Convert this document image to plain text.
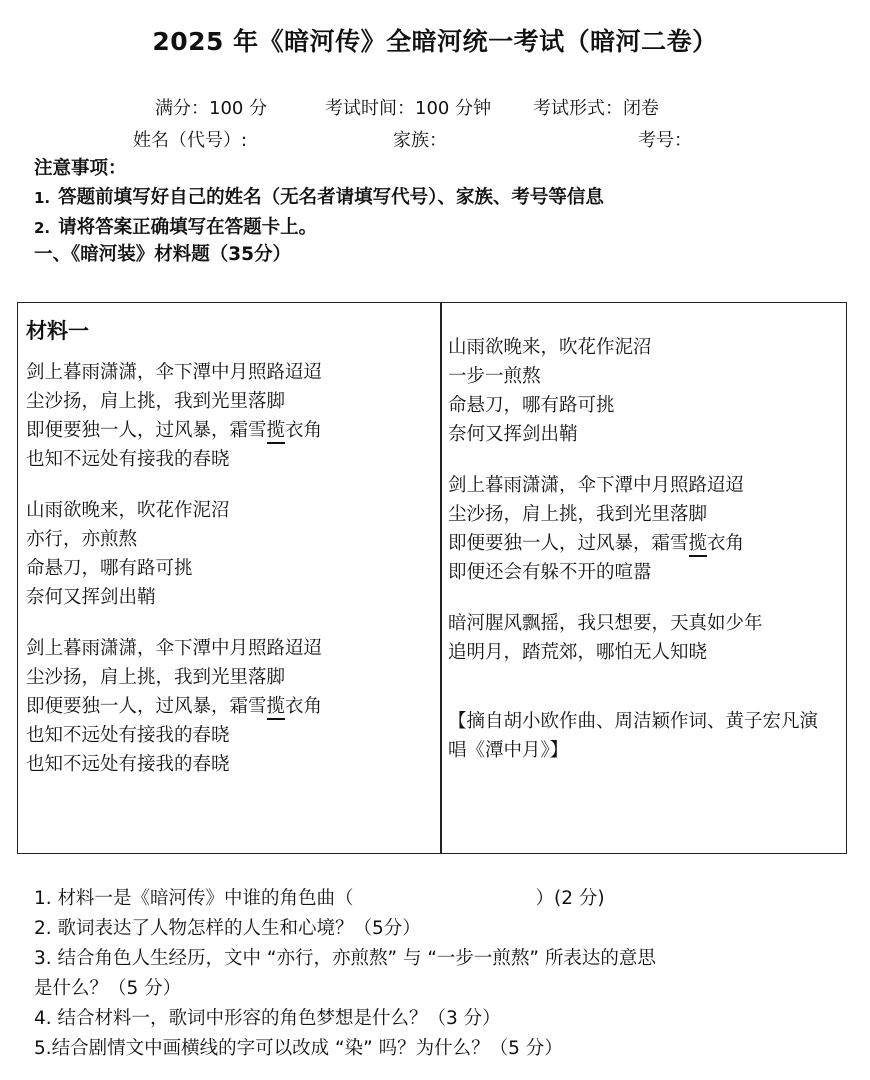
2025 年《暗河传》全暗河统一考试（暗河二卷）
满分：100 分	考试时间：100 分钟 考试形式：闭卷
姓名（代号）:	家族：	考号：
注意事项：
1. 答题前填写好自己的姓名（无名者请填写代号）、家族、考号等信息
2. 请将答案正确填写在答题卡上。
一、《暗河装》材料题（35分）
材料一
剑上暮雨潇潇，伞下潭中月照路迢迢
尘沙扬，肩上挑，我到光里落脚
即便要独一人，过风暴，霜雪揽衣角
也知不远处有接我的春晓
山雨欲晚来，吹花作泥沼
亦行，亦煎熬
命悬刀，哪有路可挑
奈何又挥剑出鞘
剑上暮雨潇潇，伞下潭中月照路迢迢
尘沙扬，肩上挑，我到光里落脚
即便要独一人，过风暴，霜雪揽衣角
也知不远处有接我的春晓
也知不远处有接我的春晓
山雨欲晚来，吹花作泥沼
一步一煎熬
命悬刀，哪有路可挑
奈何又挥剑出鞘
剑上暮雨潇潇，伞下潭中月照路迢迢
尘沙扬，肩上挑，我到光里落脚
即便要独一人，过风暴，霜雪揽衣角
即便还会有躲不开的喧嚣
暗河腥风飘摇，我只想要，天真如少年
追明月，踏荒郊，哪怕无人知晓
【摘自胡小欧作曲、周洁颖作词、黄子宏凡演唱《潭中月》】
1. 材料一是《暗河传》中谁的角色曲（	）(2 分)
2. 歌词表达了人物怎样的人生和心境？（5分）
3. 结合角色人生经历，文中 “亦行，亦煎熬” 与 “一步一煎熬” 所表达的意思
是什么？（5 分）
4. 结合材料一，歌词中形容的角色梦想是什么？（3 分）
5.结合剧情文中画横线的字可以改成 “染” 吗？为什么？（5 分）
